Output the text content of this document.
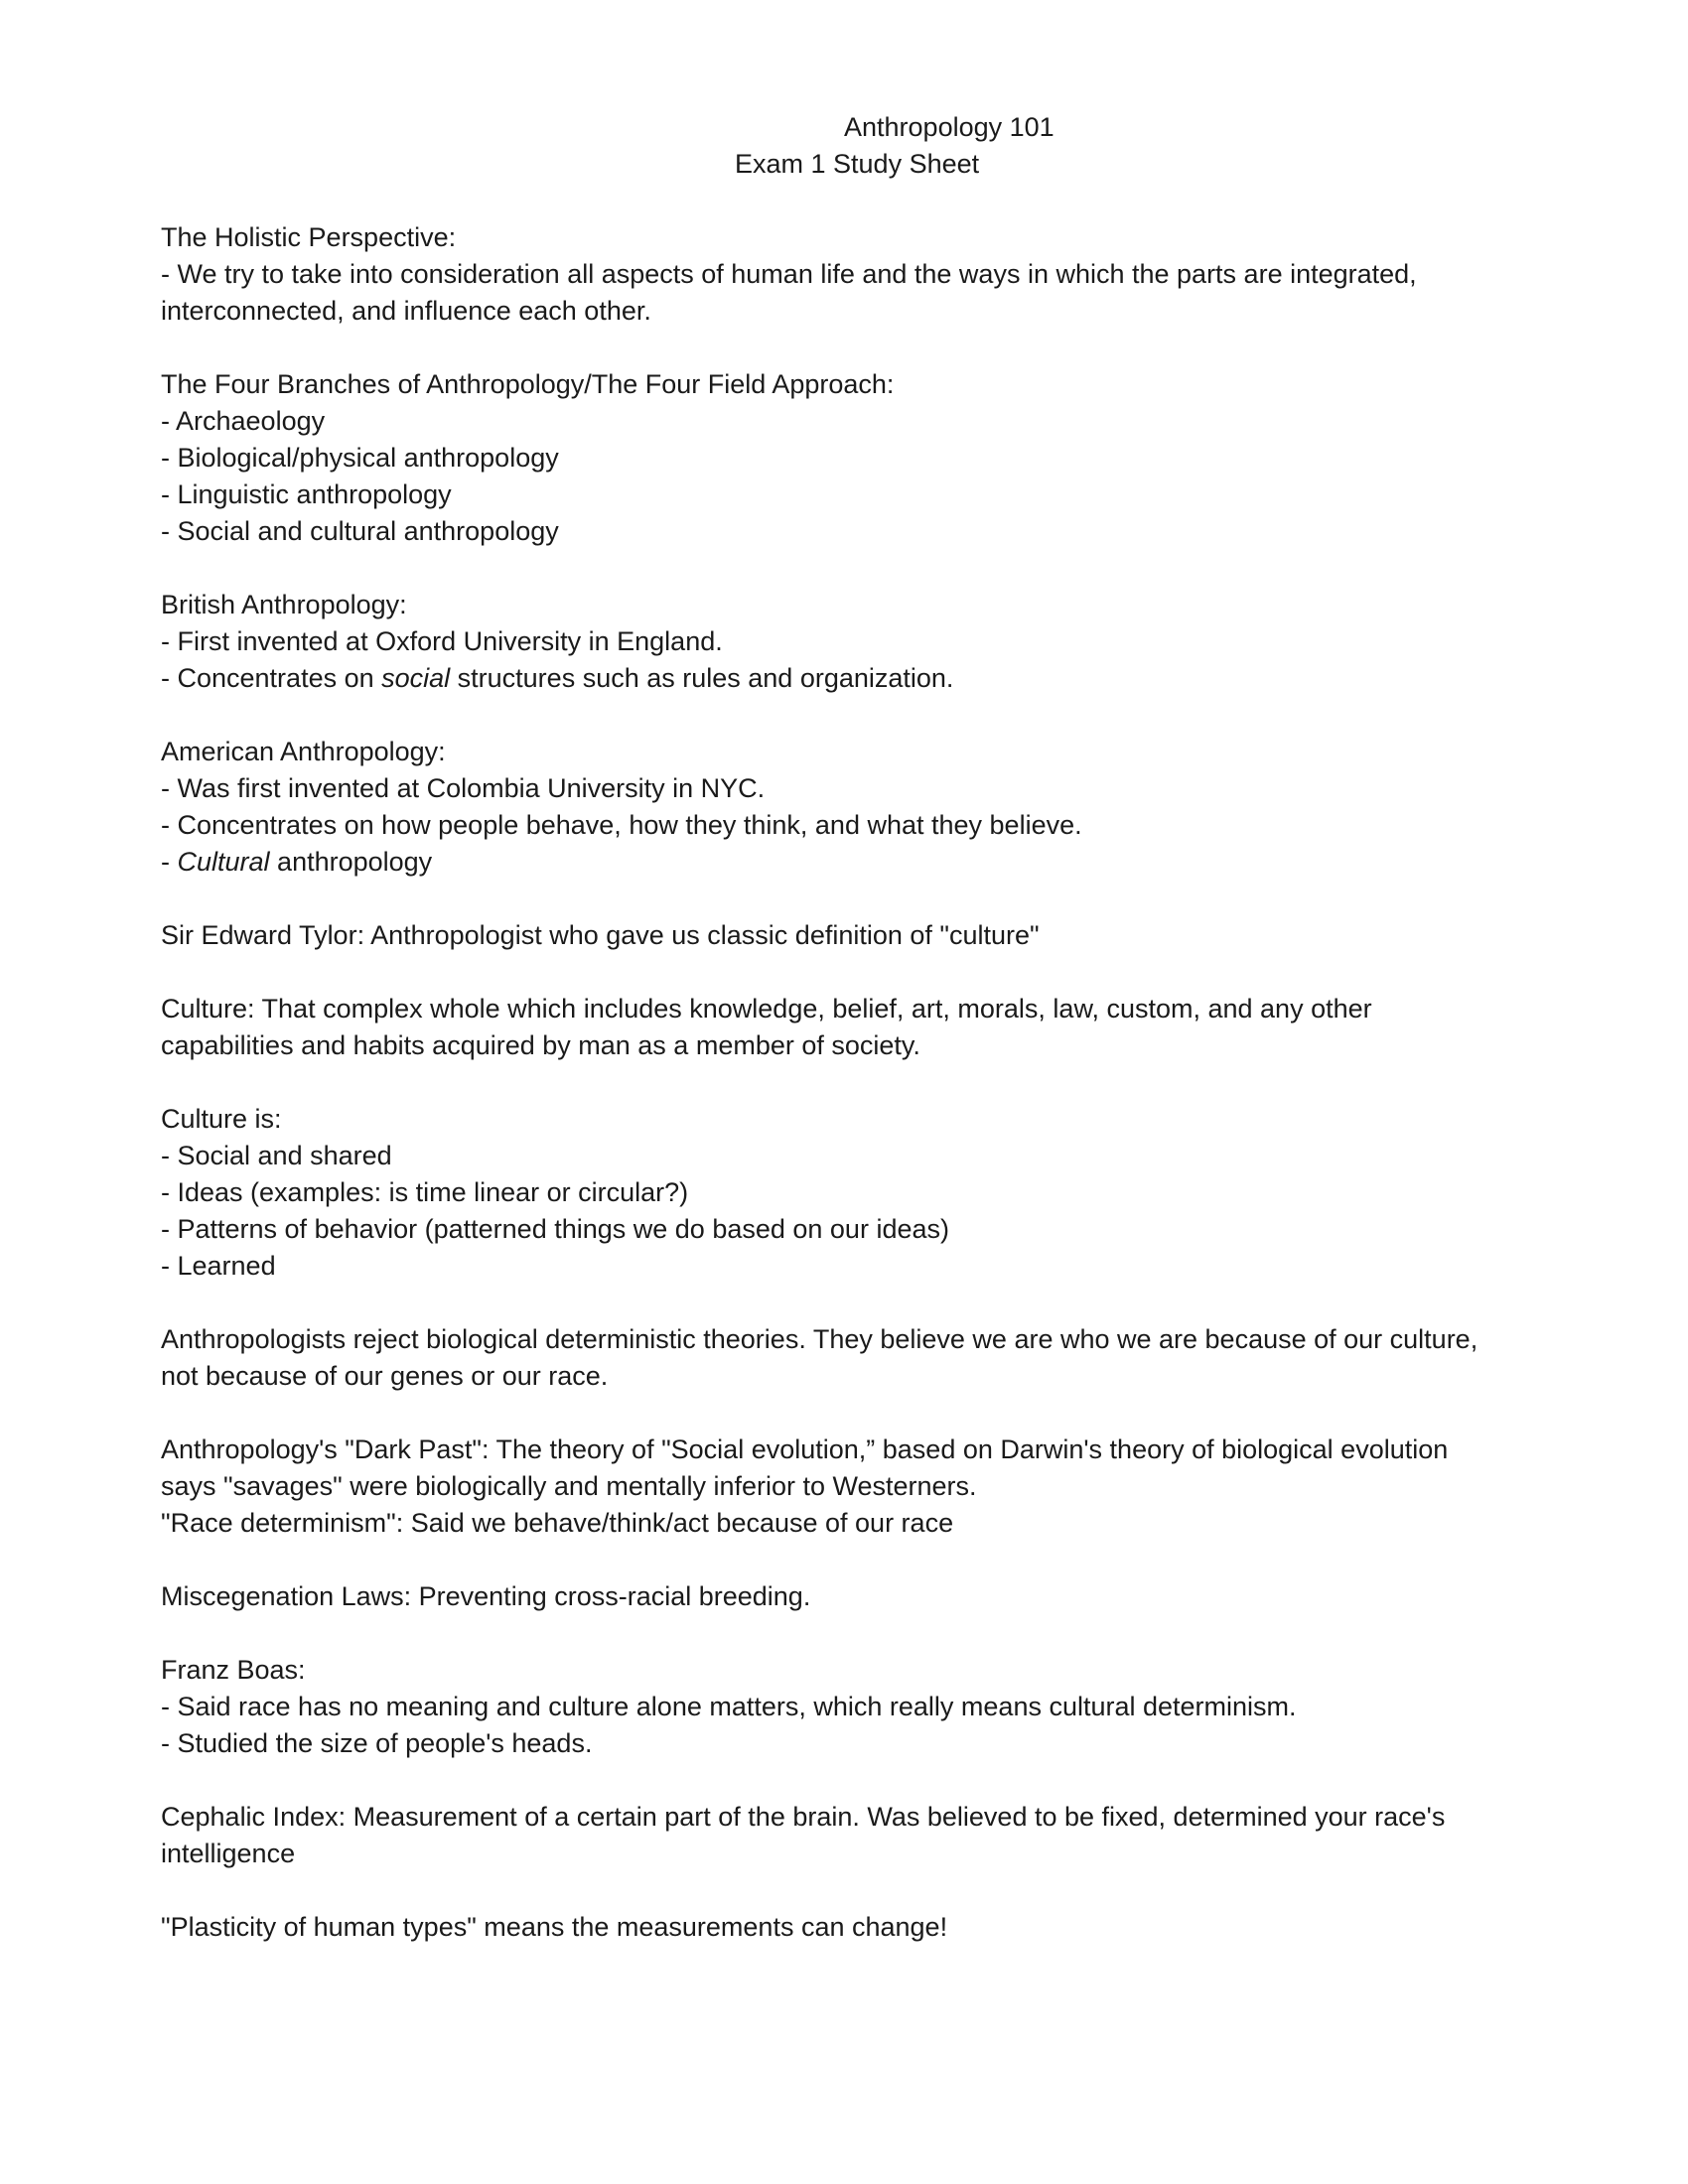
Anthropology 101
Exam 1 Study Sheet
The Holistic Perspective:
- We try to take into consideration all aspects of human life and the ways in which the parts are integrated,
interconnected, and influence each other.
The Four Branches of Anthropology/The Four Field Approach:
- Archaeology
- Biological/physical anthropology
- Linguistic anthropology
- Social and cultural anthropology
British Anthropology:
- First invented at Oxford University in England.
- Concentrates on social structures such as rules and organization.
American Anthropology:
- Was first invented at Colombia University in NYC.
- Concentrates on how people behave, how they think, and what they believe.
- Cultural anthropology
Sir Edward Tylor: Anthropologist who gave us classic definition of "culture"
Culture: That complex whole which includes knowledge, belief, art, morals, law, custom, and any other
capabilities and habits acquired by man as a member of society.
Culture is:
- Social and shared
- Ideas (examples: is time linear or circular?)
- Patterns of behavior (patterned things we do based on our ideas)
- Learned
Anthropologists reject biological deterministic theories. They believe we are who we are because of our culture,
not because of our genes or our race.
Anthropology's "Dark Past": The theory of "Social evolution,” based on Darwin's theory of biological evolution
says "savages" were biologically and mentally inferior to Westerners.
"Race determinism": Said we behave/think/act because of our race
Miscegenation Laws: Preventing cross-racial breeding.
Franz Boas:
- Said race has no meaning and culture alone matters, which really means cultural determinism.
- Studied the size of people's heads.
Cephalic Index: Measurement of a certain part of the brain. Was believed to be fixed, determined your race's
intelligence
"Plasticity of human types" means the measurements can change!
